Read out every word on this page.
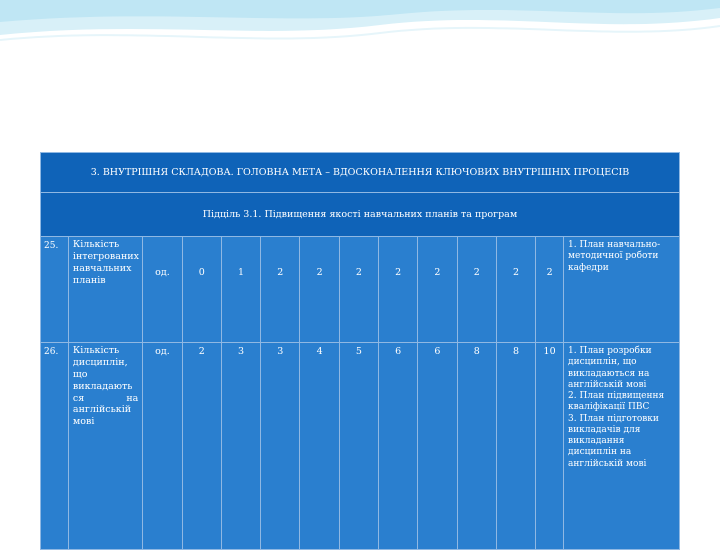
3. ВНУТРІШНЯ СКЛАДОВА. ГОЛОВНА МЕТА – ВДОСКОНАЛЕННЯ КЛЮЧОВИХ ВНУТРІШНІХ ПРОЦЕСІВ													
Підціль 3.1. Підвищення якості навчальних планів та програм													
25.	Кількість інтегрованих навчальних планів	од.	0	1	2	2	2	2	2	2	2	2	1. План навчально-методичної роботи кафедри

26.	Кількість дисциплін, що викладають ся на англійській мові	од.	2	3	3	4	5	6	6	8	8	10	1. План розробки дисциплін, що викладаються на англійській мові
2. План підвищення кваліфікації ПВС
3. План підготовки викладачів для викладання дисциплін на англійській мові
